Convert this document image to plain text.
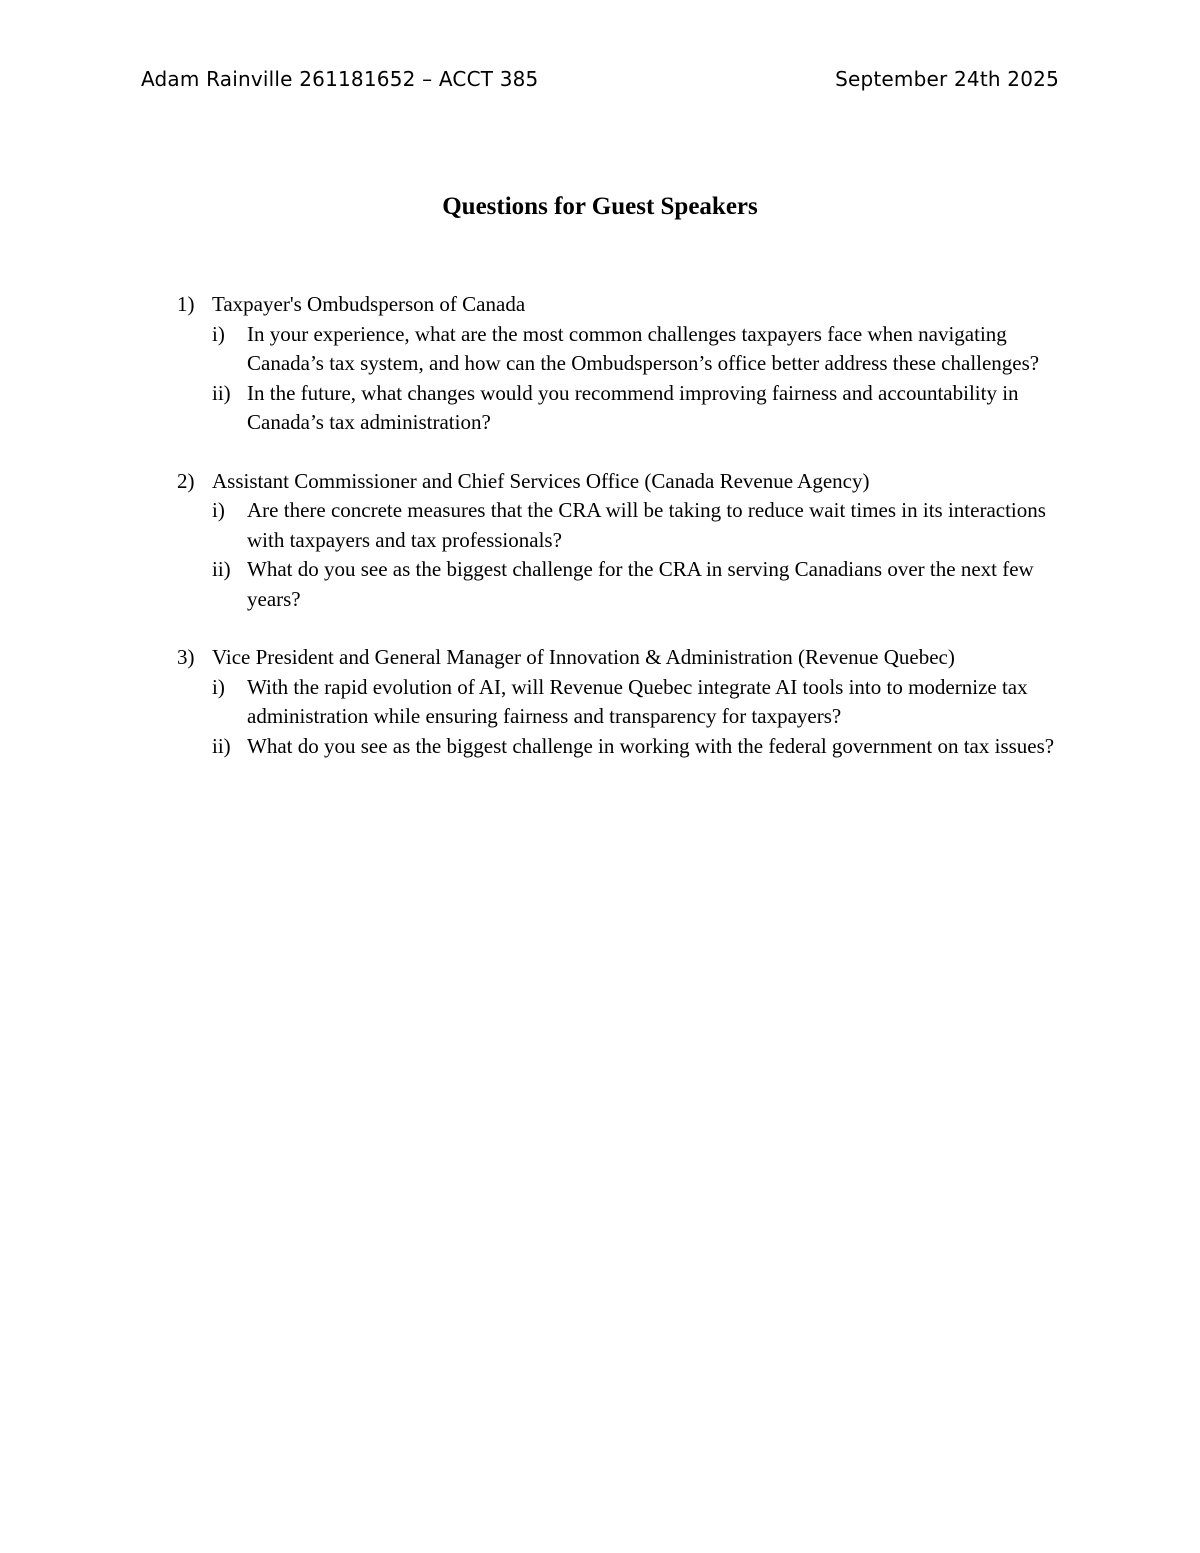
Adam Rainville 261181652 – ACCT 385	September 24th 2025
Questions for Guest Speakers
1) Taxpayer's Ombudsperson of Canada
i) In your experience, what are the most common challenges taxpayers face when navigating Canada’s tax system, and how can the Ombudsperson’s office better address these challenges?
ii) In the future, what changes would you recommend improving fairness and accountability in Canada’s tax administration?
2) Assistant Commissioner and Chief Services Office (Canada Revenue Agency)
i) Are there concrete measures that the CRA will be taking to reduce wait times in its interactions with taxpayers and tax professionals?
ii) What do you see as the biggest challenge for the CRA in serving Canadians over the next few years?
3) Vice President and General Manager of Innovation & Administration (Revenue Quebec)
i) With the rapid evolution of AI, will Revenue Quebec integrate AI tools into to modernize tax administration while ensuring fairness and transparency for taxpayers?
ii) What do you see as the biggest challenge in working with the federal government on tax issues?
